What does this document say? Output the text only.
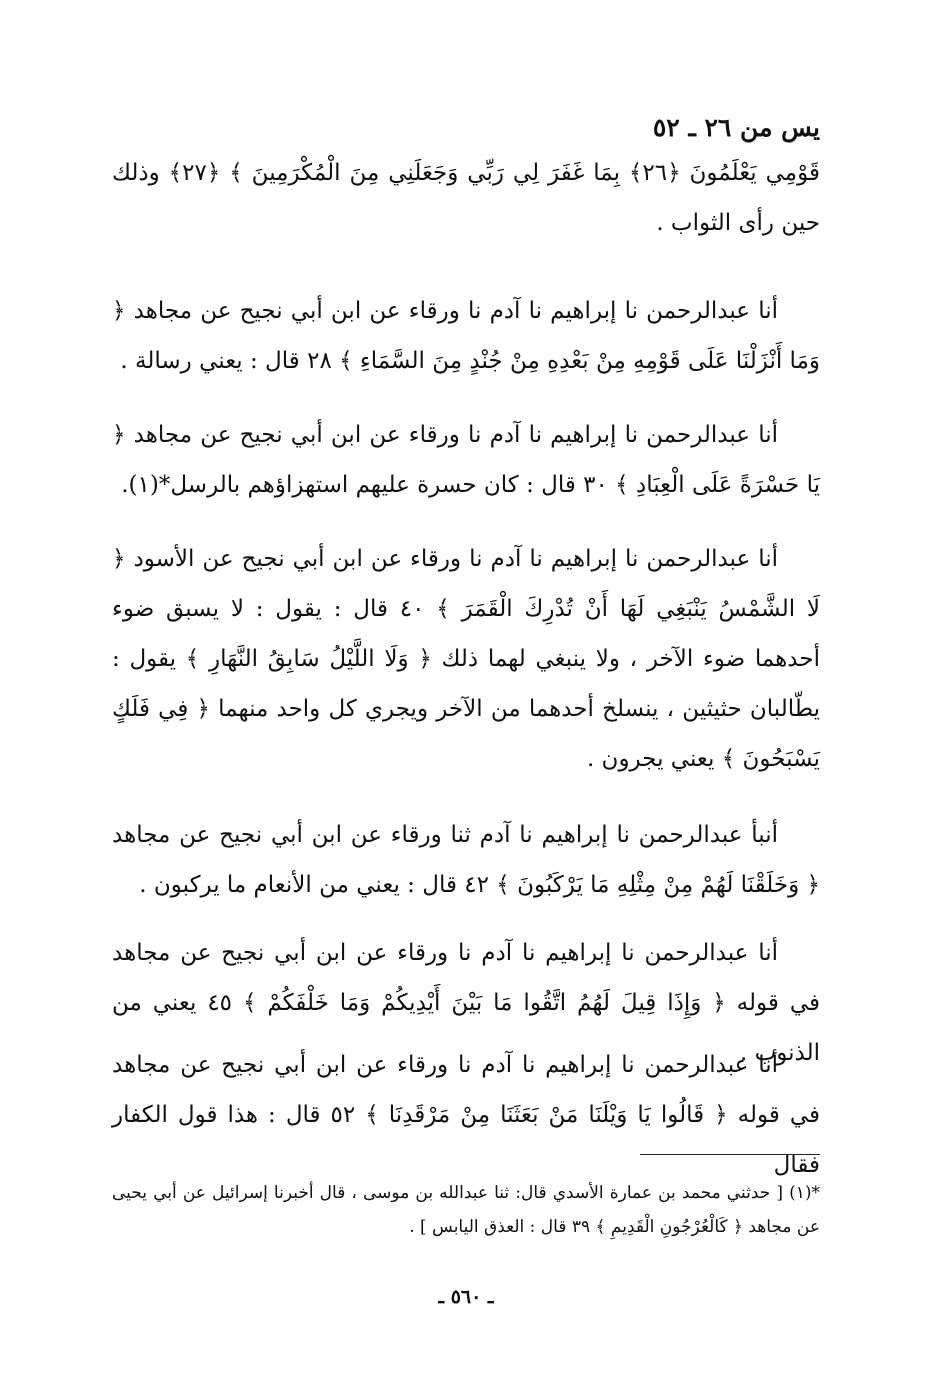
يس من ٢٦ ـ ٥٢

قَوْمِي يَعْلَمُونَ ﴿٢٦﴾ بِمَا غَفَرَ لِي رَبِّي وَجَعَلَنِي مِنَ الْمُكْرَمِينَ ﴾ ﴿٢٧﴾ وذلك حين رأى الثواب .

أنا عبدالرحمن نا إبراهيم نا آدم نا ورقاء عن ابن أبي نجيح عن مجاهد ﴿ وَمَا أَنْزَلْنَا عَلَى قَوْمِهِ مِنْ بَعْدِهِ مِنْ جُنْدٍ مِنَ السَّمَاءِ ﴾ ٢٨ قال : يعني رسالة .

أنا عبدالرحمن نا إبراهيم نا آدم نا ورقاء عن ابن أبي نجيح عن مجاهد ﴿ يَا حَسْرَةً عَلَى الْعِبَادِ ﴾ ٣٠ قال : كان حسرة عليهم استهزاؤهم بالرسل*(١).

أنا عبدالرحمن نا إبراهيم نا آدم نا ورقاء عن ابن أبي نجيح عن الأسود ﴿ لَا الشَّمْسُ يَنْبَغِي لَهَا أَنْ تُدْرِكَ الْقَمَرَ ﴾ ٤٠ قال : يقول : لا يسبق ضوء أحدهما ضوء الآخر ، ولا ينبغي لهما ذلك ﴿ وَلَا اللَّيْلُ سَابِقُ النَّهَارِ ﴾ يقول : يطّالبان حثيثين ، ينسلخ أحدهما من الآخر ويجري كل واحد منهما ﴿ فِي فَلَكٍ يَسْبَحُونَ ﴾ يعني يجرون .

أنبأ عبدالرحمن نا إبراهيم نا آدم ثنا ورقاء عن ابن أبي نجيح عن مجاهد ﴿ وَخَلَقْنَا لَهُمْ مِنْ مِثْلِهِ مَا يَرْكَبُونَ ﴾ ٤٢ قال : يعني من الأنعام ما يركبون .

أنا عبدالرحمن نا إبراهيم نا آدم نا ورقاء عن ابن أبي نجيح عن مجاهد في قوله ﴿ وَإِذَا قِيلَ لَهُمُ اتَّقُوا مَا بَيْنَ أَيْدِيكُمْ وَمَا خَلْفَكُمْ ﴾ ٤٥ يعني من الذنوب .

أنا عبدالرحمن نا إبراهيم نا آدم نا ورقاء عن ابن أبي نجيح عن مجاهد في قوله ﴿ قَالُوا يَا وَيْلَنَا مَنْ بَعَثَنَا مِنْ مَرْقَدِنَا ﴾ ٥٢ قال : هذا قول الكفار فقال

*(١) [ حدثني محمد بن عمارة الأسدي قال: ثنا عبدالله بن موسى ، قال أخبرنا إسرائيل عن أبي يحيى عن مجاهد ﴿ كَالْعُرْجُونِ الْقَدِيمِ ﴾ ٣٩ قال : العذق اليابس ] .

ـ ٥٦٠ ـ
